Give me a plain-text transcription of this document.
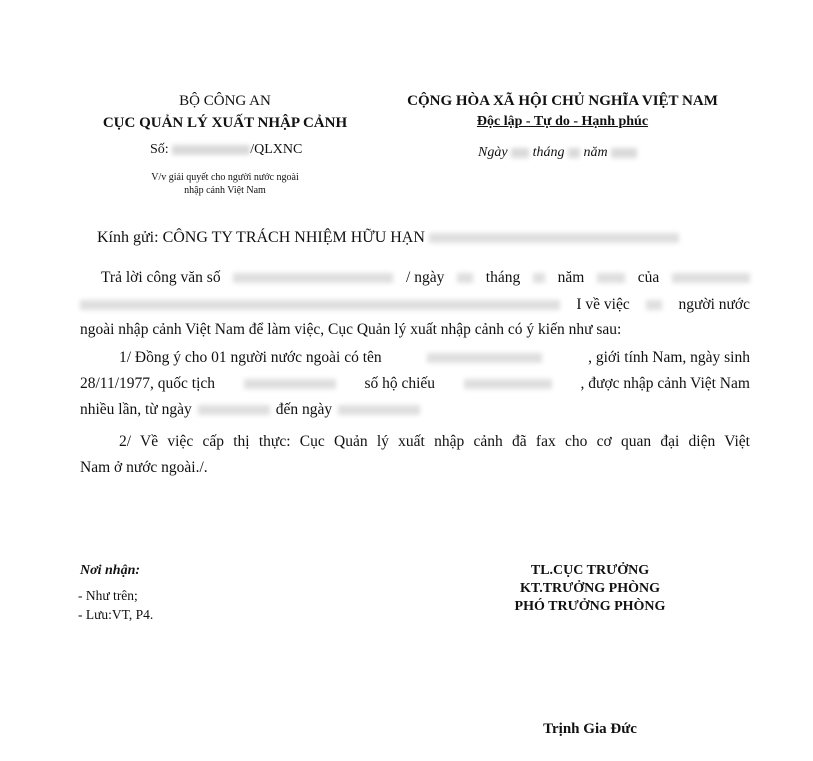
BỘ CÔNG AN
CỤC QUẢN LÝ XUẤT NHẬP CẢNH
Số:	/QLXNC
V/v giải quyết cho người nước ngoài
nhập cảnh Việt Nam
CỘNG HÒA XÃ HỘI CHỦ NGHĨA VIỆT NAM
Độc lập - Tự do - Hạnh phúc
Ngày tháng năm
Kính gửi: CÔNG TY TRÁCH NHIỆM HỮU HẠN
Trả lời công văn số	/ ngày	tháng năm	của
I về việc	người nước
ngoài nhập cảnh Việt Nam để làm việc, Cục Quản lý xuất nhập cảnh có ý kiến như sau:
1/ Đồng ý cho 01 người nước ngoài có tên	, giới tính Nam, ngày sinh
28/11/1977, quốc tịch	số hộ chiếu	, được nhập cảnh Việt Nam
nhiều lần, từ ngày	đến ngày
2/ Về việc cấp thị thực: Cục Quản lý xuất nhập cảnh đã fax cho cơ quan đại diện Việt
Nam ở nước ngoài./.
Nơi nhận:
- Như trên;
- Lưu:VT, P4.
TL.CỤC TRƯỞNG
KT.TRƯỞNG PHÒNG
PHÓ TRƯỞNG PHÒNG
Trịnh Gia Đức
